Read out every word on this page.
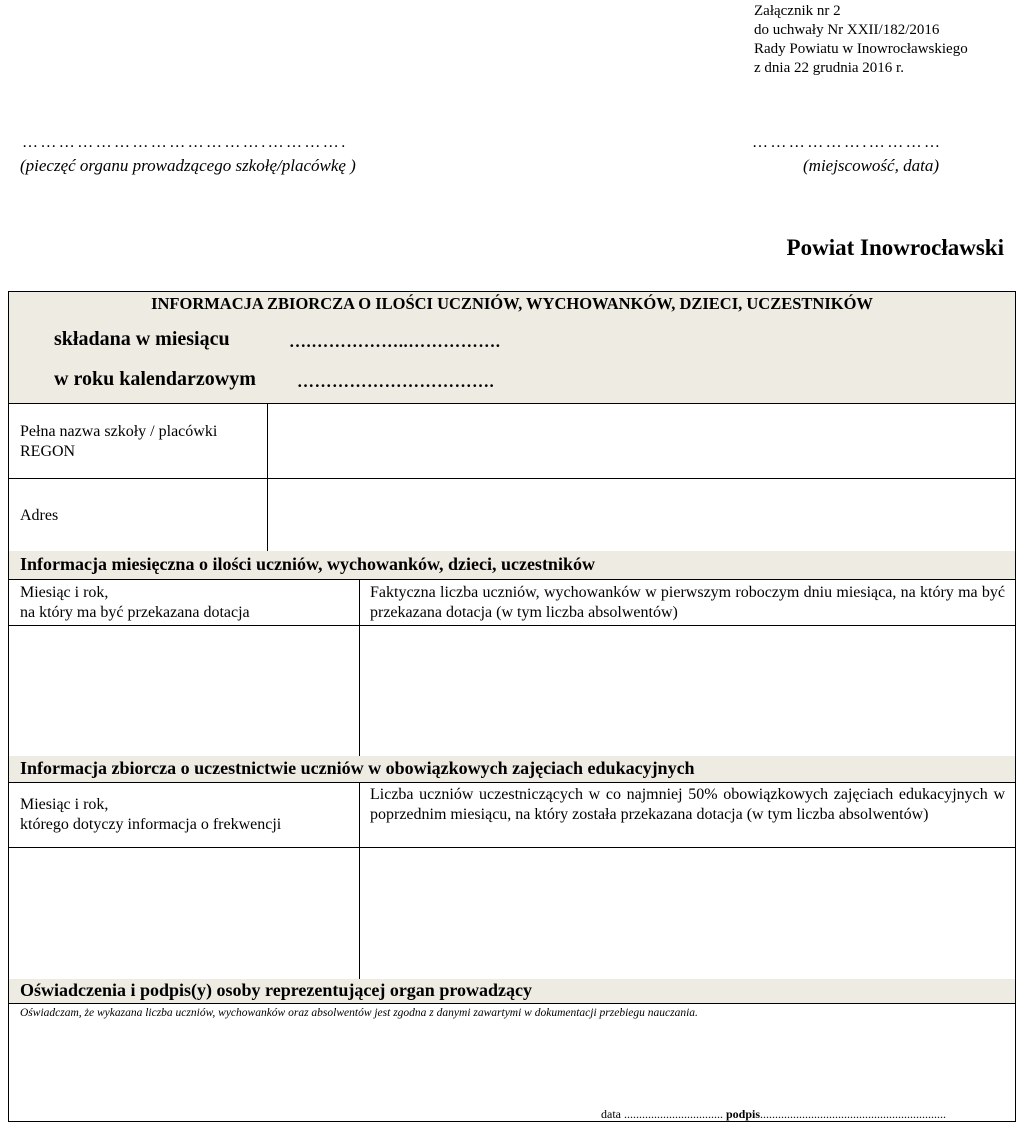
Załącznik nr 2
do uchwały Nr XXII/182/2016
Rady Powiatu w Inowrocławskiego
z dnia 22 grudnia 2016 r.
………………………………….………….
(pieczęć organu prowadzącego szkołę/placówkę )
……………….…………
(miejscowość, data)
Powiat Inowrocławski
INFORMACJA ZBIORCZA O ILOŚCI UCZNIÓW, WYCHOWANKÓW, DZIECI, UCZESTNIKÓW
składana w miesiącu	….……………..…………….
w roku kalendarzowym …………………………….
Pełna nazwa szkoły / placówki
REGON
Adres
Informacja miesięczna o ilości uczniów, wychowanków, dzieci, uczestników
Miesiąc i rok,
na który ma być przekazana dotacja
Faktyczna liczba uczniów, wychowanków w pierwszym roboczym dniu miesiąca, na który ma być przekazana dotacja (w tym liczba absolwentów)
Informacja zbiorcza o uczestnictwie uczniów w obowiązkowych zajęciach edukacyjnych
Miesiąc i rok,
którego dotyczy informacja o frekwencji
Liczba uczniów uczestniczących w co najmniej 50% obowiązkowych zajęciach edukacyjnych w poprzednim miesiącu, na który została przekazana dotacja (w tym liczba absolwentów)
Oświadczenia i podpis(y) osoby reprezentującej organ prowadzący
Oświadczam, że wykazana liczba uczniów, wychowanków oraz absolwentów jest zgodna z danymi zawartymi w dokumentacji przebiegu nauczania.
data ................................. podpis..............................................................
